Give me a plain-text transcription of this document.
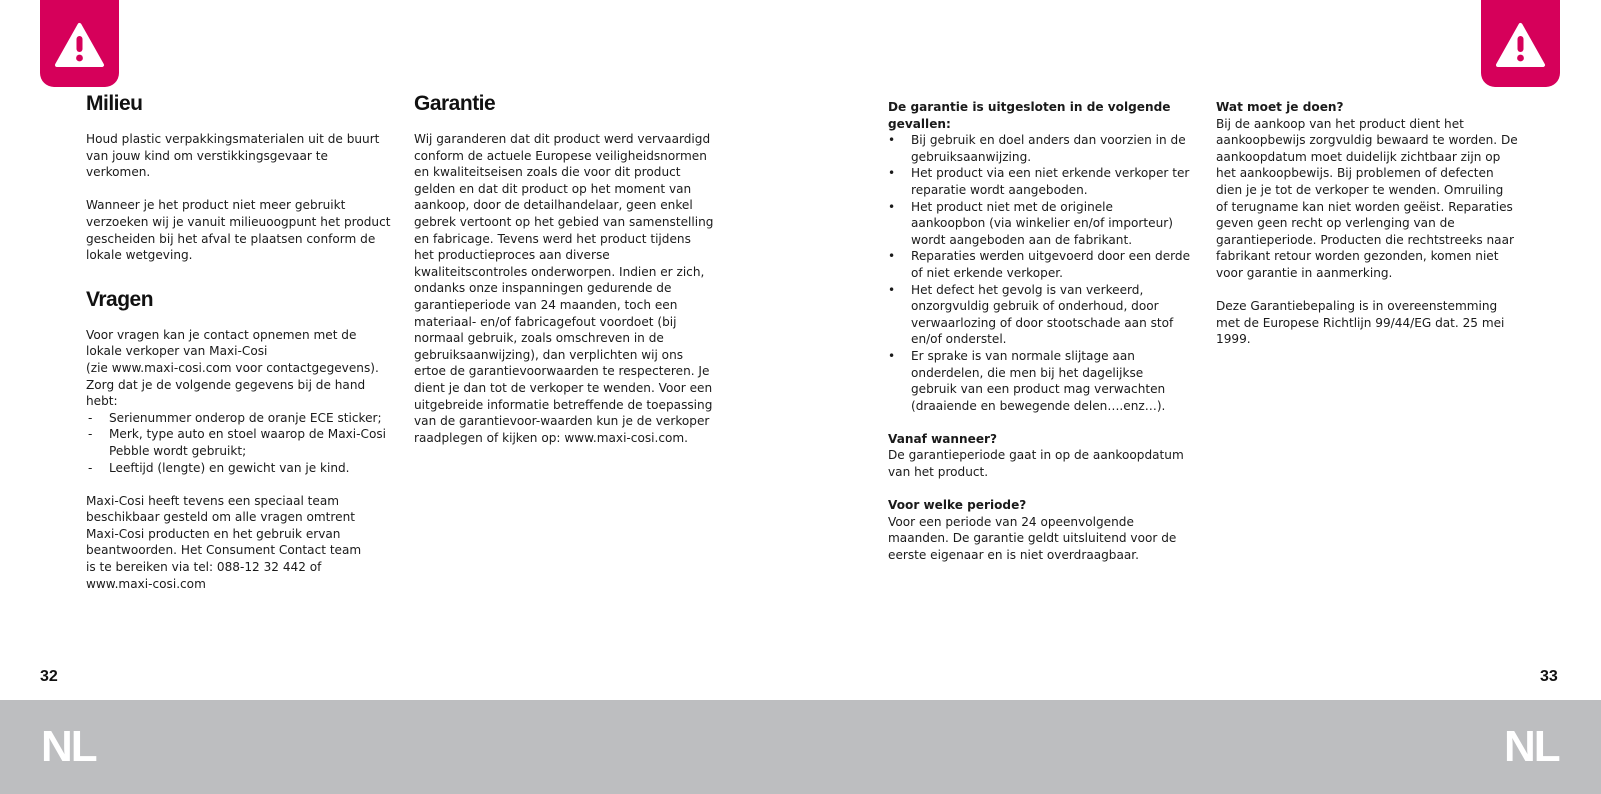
Milieu

Houd plastic verpakkingsmaterialen uit de buurt van jouw kind om verstikkingsgevaar te verkomen.

Wanneer je het product niet meer gebruikt verzoeken wij je vanuit milieuoogpunt het product gescheiden bij het afval te plaatsen conform de lokale wetgeving.

Vragen

Voor vragen kan je contact opnemen met de lokale verkoper van Maxi-Cosi

(zie www.maxi-cosi.com voor contactgegevens).

Zorg dat je de volgende gegevens bij de hand hebt:

- Serienummer onderop de oranje ECE sticker;
- Merk, type auto en stoel waarop de Maxi-Cosi Pebble wordt gebruikt;
- Leeftijd (lengte) en gewicht van je kind.

Maxi-Cosi heeft tevens een speciaal team beschikbaar gesteld om alle vragen omtrent Maxi-Cosi producten en het gebruik ervan beantwoorden. Het Consument Contact team is te bereiken via tel: 088-12 32 442 of www.maxi-cosi.com

Garantie

Wij garanderen dat dit product werd vervaardigd conform de actuele Europese veiligheidsnormen en kwaliteitseisen zoals die voor dit product gelden en dat dit product op het moment van aankoop, door de detailhandelaar, geen enkel gebrek vertoont op het gebied van samenstelling en fabricage. Tevens werd het product tijdens het productieproces aan diverse kwaliteitscontroles onderworpen. Indien er zich, ondanks onze inspanningen gedurende de garantieperiode van 24 maanden, toch een materiaal- en/of fabricagefout voordoet (bij normaal gebruik, zoals omschreven in de gebruiksaanwijzing), dan verplichten wij ons ertoe de garantievoorwaarden te respecteren. Je dient je dan tot de verkoper te wenden. Voor een uitgebreide informatie betreffende de toepassing van de garantievoor-waarden kun je de verkoper raadplegen of kijken op: www.maxi-cosi.com.

De garantie is uitgesloten in de volgende gevallen:

• Bij gebruik en doel anders dan voorzien in de gebruiksaanwijzing.
• Het product via een niet erkende verkoper ter reparatie wordt aangeboden.
• Het product niet met de originele aankoopbon (via winkelier en/of importeur) wordt aangeboden aan de fabrikant.
• Reparaties werden uitgevoerd door een derde of niet erkende verkoper.
• Het defect het gevolg is van verkeerd, onzorgvuldig gebruik of onderhoud, door verwaarlozing of door stootschade aan stof en/of onderstel.
• Er sprake is van normale slijtage aan onderdelen, die men bij het dagelijkse gebruik van een product mag verwachten (draaiende en bewegende delen….enz…).

Vanaf wanneer?

De garantieperiode gaat in op de aankoopdatum van het product.

Voor welke periode?

Voor een periode van 24 opeenvolgende maanden. De garantie geldt uitsluitend voor de eerste eigenaar en is niet overdraagbaar.

Wat moet je doen?

Bij de aankoop van het product dient het aankoopbewijs zorgvuldig bewaard te worden. De aankoopdatum moet duidelijk zichtbaar zijn op het aankoopbewijs. Bij problemen of defecten dien je je tot de verkoper te wenden. Omruiling of terugname kan niet worden geëist. Reparaties geven geen recht op verlenging van de garantieperiode. Producten die rechtstreeks naar fabrikant retour worden gezonden, komen niet voor garantie in aanmerking.

Deze Garantiebepaling is in overeenstemming met de Europese Richtlijn 99/44/EG dat. 25 mei 1999.

32	33
NL	NL
